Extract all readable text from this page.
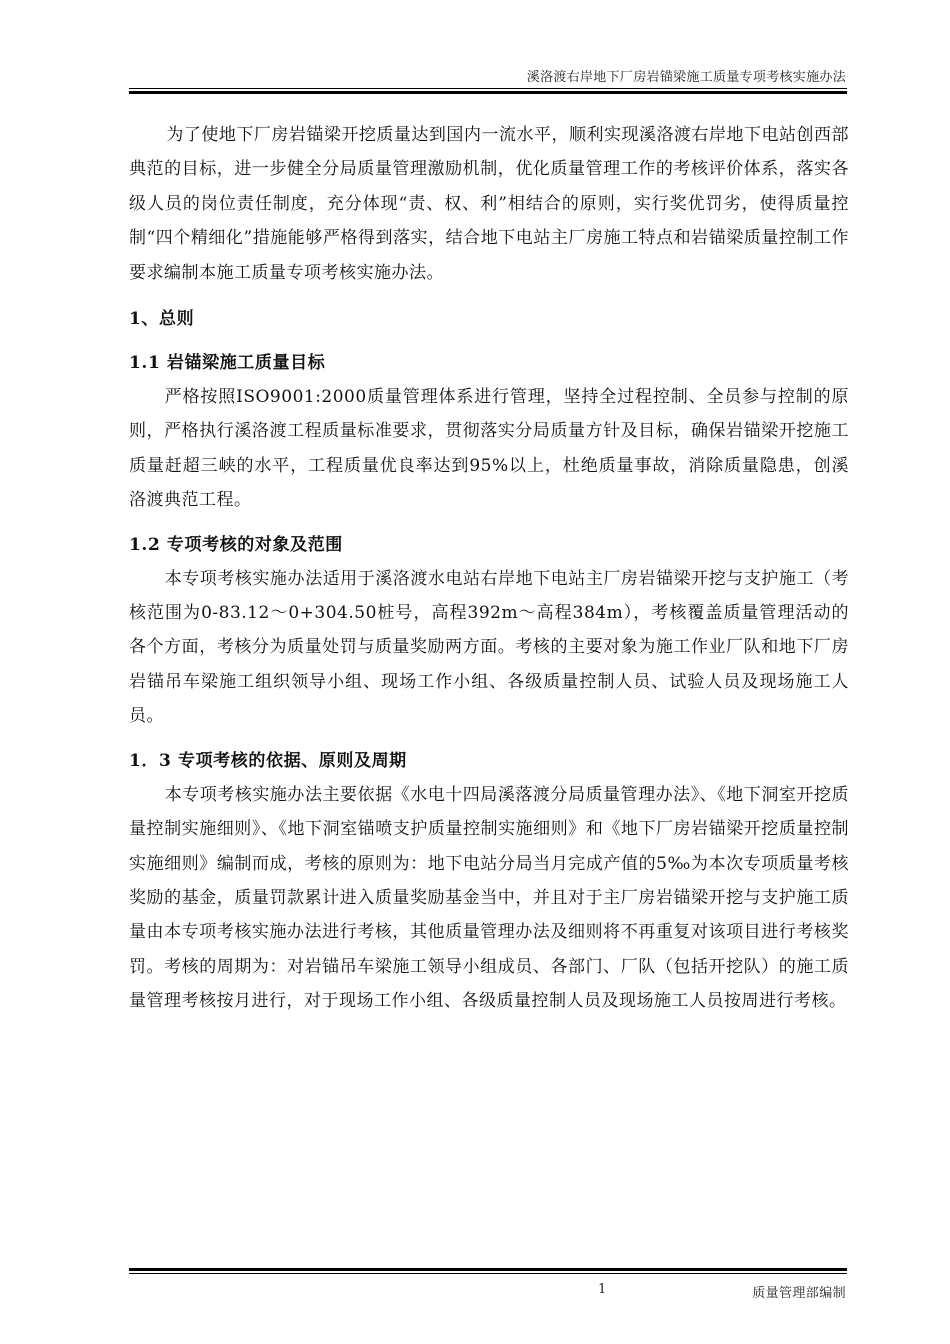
溪洛渡右岸地下厂房岩锚梁施工质量专项考核实施办法

为了使地下厂房岩锚梁开挖质量达到国内一流水平，顺利实现溪洛渡右岸地下电站创西部典范的目标，进一步健全分局质量管理激励机制，优化质量管理工作的考核评价体系，落实各级人员的岗位责任制度，充分体现“责、权、利”相结合的原则，实行奖优罚劣，使得质量控制“四个精细化”措施能够严格得到落实，结合地下电站主厂房施工特点和岩锚梁质量控制工作要求编制本施工质量专项考核实施办法。

1、总则

1.1 岩锚梁施工质量目标

严格按照ISO9001:2000质量管理体系进行管理，坚持全过程控制、全员参与控制的原则，严格执行溪洛渡工程质量标准要求，贯彻落实分局质量方针及目标，确保岩锚梁开挖施工质量赶超三峡的水平，工程质量优良率达到95%以上，杜绝质量事故，消除质量隐患，创溪洛渡典范工程。

1.2 专项考核的对象及范围

本专项考核实施办法适用于溪洛渡水电站右岸地下电站主厂房岩锚梁开挖与支护施工（考核范围为0-83.12～0+304.50桩号，高程392m～高程384m），考核覆盖质量管理活动的各个方面，考核分为质量处罚与质量奖励两方面。考核的主要对象为施工作业厂队和地下厂房岩锚吊车梁施工组织领导小组、现场工作小组、各级质量控制人员、试验人员及现场施工人员。

1．3 专项考核的依据、原则及周期

本专项考核实施办法主要依据《水电十四局溪落渡分局质量管理办法》、《地下洞室开挖质量控制实施细则》、《地下洞室锚喷支护质量控制实施细则》和《地下厂房岩锚梁开挖质量控制实施细则》编制而成，考核的原则为：地下电站分局当月完成产值的5‰为本次专项质量考核奖励的基金，质量罚款累计进入质量奖励基金当中，并且对于主厂房岩锚梁开挖与支护施工质量由本专项考核实施办法进行考核，其他质量管理办法及细则将不再重复对该项目进行考核奖罚。考核的周期为：对岩锚吊车梁施工领导小组成员、各部门、厂队（包括开挖队）的施工质量管理考核按月进行，对于现场工作小组、各级质量控制人员及现场施工人员按周进行考核。

1	质量管理部编制
